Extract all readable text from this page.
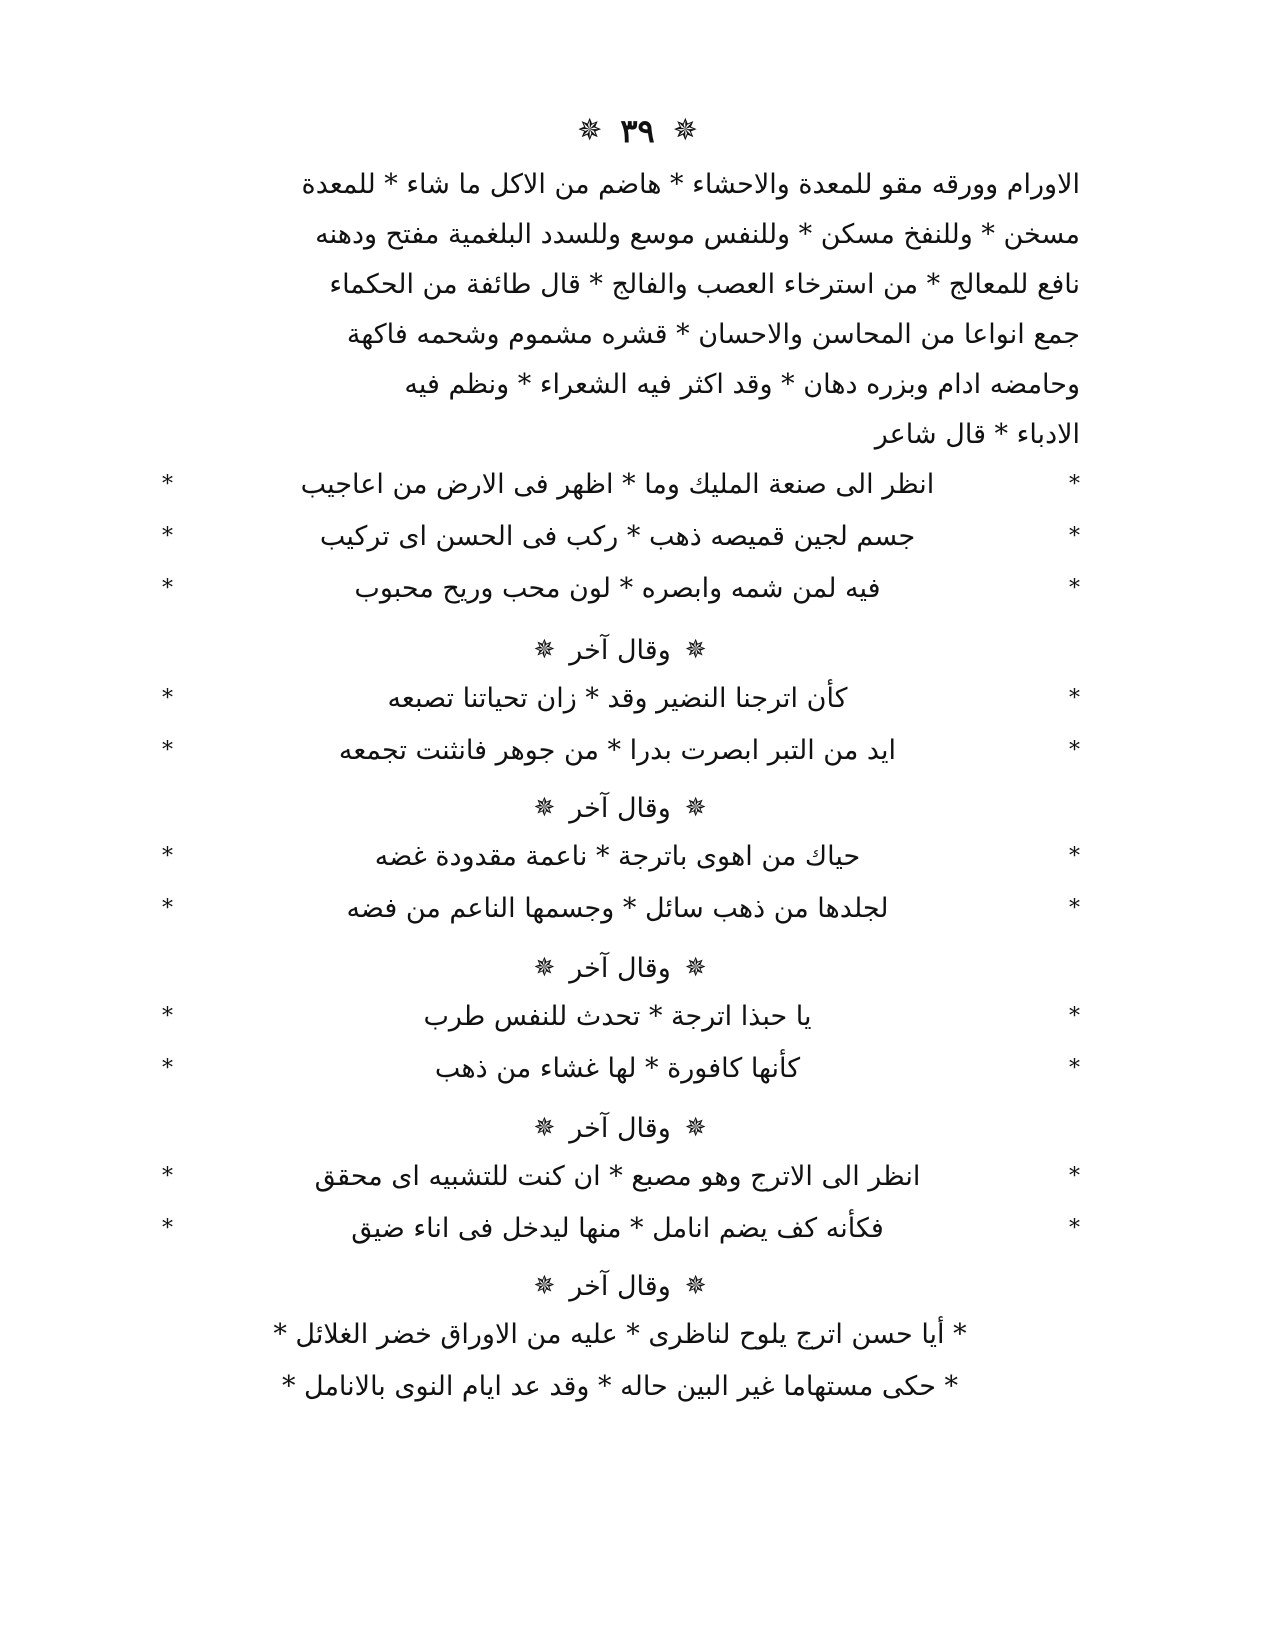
✵
٣٩
✵
الاورام وورقه مقو للمعدة والاحشاء * هاضم من الاكل ما شاء * للمعدة
مسخن * وللنفخ مسكن * وللنفس موسع وللسدد البلغمية مفتح ودهنه
نافع للمعالج * من استرخاء العصب والفالج * قال طائفة من الحكماء
جمع انواعا من المحاسن والاحسان * قشره مشموم وشحمه فاكهة
وحامضه ادام وبزره دهان * وقد اكثر فيه الشعراء * ونظم فيه
الادباء * قال شاعر
*
انظر الى صنعة المليك وما * اظهر فى الارض من اعاجيب
*
*
جسم لجين قميصه ذهب * ركب فى الحسن اى تركيب
*
*
فيه لمن شمه وابصره * لون محب وريح محبوب
*
✵
وقال آخر
✵
*
كأن اترجنا النضير وقد * زان تحياتنا تصبعه
*
*
ايد من التبر ابصرت بدرا * من جوهر فانثنت تجمعه
*
✵
وقال آخر
✵
*
حياك من اهوى باترجة * ناعمة مقدودة غضه
*
*
لجلدها من ذهب سائل * وجسمها الناعم من فضه
*
✵
وقال آخر
✵
*
يا حبذا اترجة * تحدث للنفس طرب
*
*
كأنها كافورة * لها غشاء من ذهب
*
✵
وقال آخر
✵
*
انظر الى الاترج وهو مصبع * ان كنت للتشبيه اى محقق
*
*
فكأنه كف يضم انامل * منها ليدخل فى اناء ضيق
*
✵
وقال آخر
✵
* أيا حسن اترج يلوح لناظرى * عليه من الاوراق خضر الغلائل *
* حكى مستهاما غير البين حاله * وقد عد ايام النوى بالانامل *
